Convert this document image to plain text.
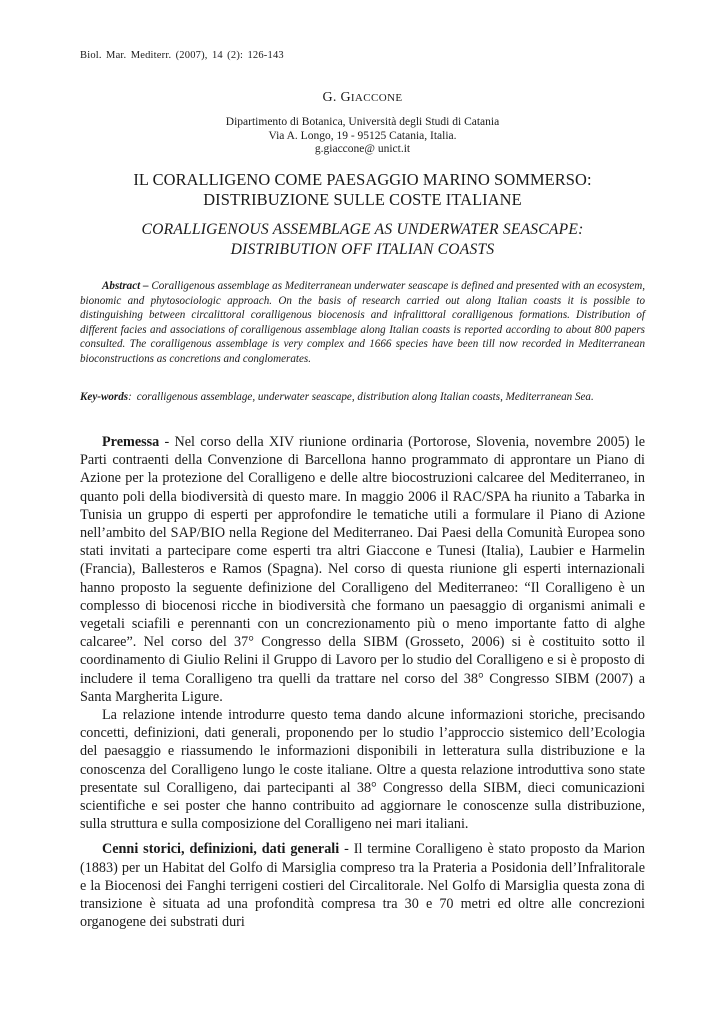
Biol. Mar. Mediterr. (2007), 14 (2): 126-143
G. GIACCONE
Dipartimento di Botanica, Università degli Studi di Catania
Via A. Longo, 19 - 95125 Catania, Italia.
g.giaccone@ unict.it
IL CORALLIGENO COME PAESAGGIO MARINO SOMMERSO:
DISTRIBUZIONE SULLE COSTE ITALIANE
CORALLIGENOUS ASSEMBLAGE AS UNDERWATER SEASCAPE:
DISTRIBUTION OFF ITALIAN COASTS
Abstract – Coralligenous assemblage as Mediterranean underwater seascape is defined and presented with an ecosystem, bionomic and phytosociologic approach. On the basis of research carried out along Italian coasts it is possible to distinguishing between circalittoral coralligenous biocenosis and infralittoral coralligenous formations. Distribution of different facies and associations of coralligenous assemblage along Italian coasts is reported according to about 800 papers consulted. The coralligenous assemblage is very complex and 1666 species have been till now recorded in Mediterranean bioconstructions as concretions and conglomerates.
Key-words: coralligenous assemblage, underwater seascape, distribution along Italian coasts, Mediterranean Sea.

Premessa - Nel corso della XIV riunione ordinaria (Portorose, Slovenia, novembre 2005) le Parti contraenti della Convenzione di Barcellona hanno programmato di approntare un Piano di Azione per la protezione del Coralligeno e delle altre biocostruzioni calcaree del Mediterraneo, in quanto poli della biodiversità di questo mare. In maggio 2006 il RAC/SPA ha riunito a Tabarka in Tunisia un gruppo di esperti per approfondire le tematiche utili a formulare il Piano di Azione nell’ambito del SAP/BIO nella Regione del Mediterraneo. Dai Paesi della Comunità Europea sono stati invitati a partecipare come esperti tra altri Giaccone e Tunesi (Italia), Laubier e Harmelin (Francia), Ballesteros e Ramos (Spagna). Nel corso di questa riunione gli esperti internazionali hanno proposto la seguente definizione del Coralligeno del Mediterraneo: “Il Coralligeno è un complesso di biocenosi ricche in biodiversità che formano un paesaggio di organismi animali e vegetali sciafili e perennanti con un concrezionamento più o meno importante fatto di alghe calcaree”. Nel corso del 37° Congresso della SIBM (Grosseto, 2006) si è costituito sotto il coordinamento di Giulio Relini il Gruppo di Lavoro per lo studio del Coralligeno e si è proposto di includere il tema Coralligeno tra quelli da trattare nel corso del 38° Congresso SIBM (2007) a Santa Margherita Ligure.

La relazione intende introdurre questo tema dando alcune informazioni storiche, precisando concetti, definizioni, dati generali, proponendo per lo studio l’approccio sistemico dell’Ecologia del paesaggio e riassumendo le informazioni disponibili in letteratura sulla distribuzione e la conoscenza del Coralligeno lungo le coste italiane. Oltre a questa relazione introduttiva sono state presentate sul Coralligeno, dai partecipanti al 38° Congresso della SIBM, dieci comunicazioni scientifiche e sei poster che hanno contribuito ad aggiornare le conoscenze sulla distribuzione, sulla struttura e sulla composizione del Coralligeno nei mari italiani.

Cenni storici, definizioni, dati generali - Il termine Coralligeno è stato proposto da Marion (1883) per un Habitat del Golfo di Marsiglia compreso tra la Prateria a Posidonia dell’Infralitorale e la Biocenosi dei Fanghi terrigeni costieri del Circalitorale. Nel Golfo di Marsiglia questa zona di transizione è situata ad una profondità compresa tra 30 e 70 metri ed oltre alle concrezioni organogene dei substrati duri
